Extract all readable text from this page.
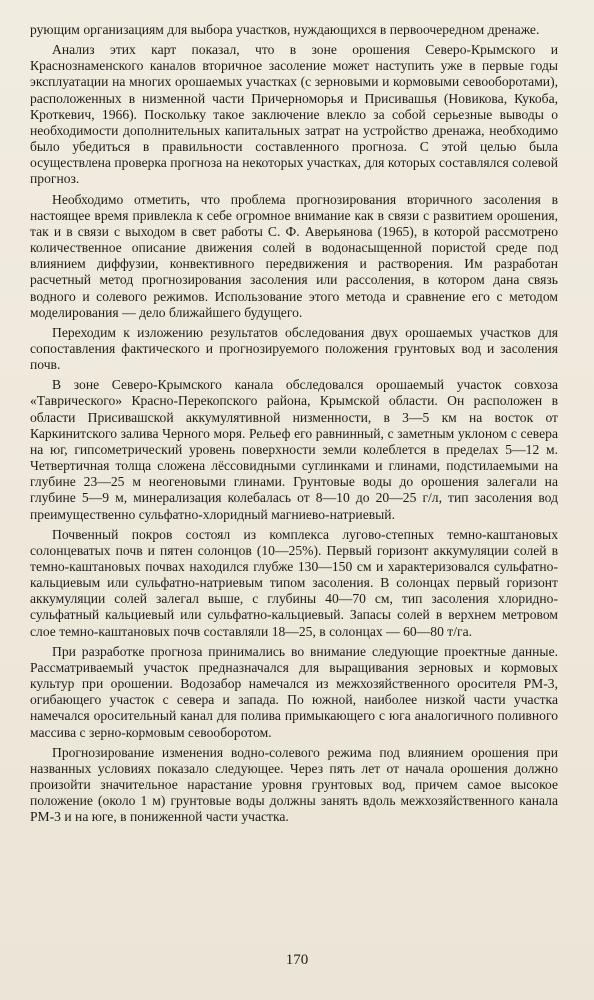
рующим организациям для выбора участков, нуждающихся в первоочередном дренаже.

Анализ этих карт показал, что в зоне орошения Северо-Крымского и Краснознаменского каналов вторичное засоление может наступить уже в первые годы эксплуатации на многих орошаемых участках (с зерновыми и кормовыми севооборотами), расположенных в низменной части Причерноморья и Присивашья (Новикова, Кукоба, Кроткевич, 1966). Поскольку такое заключение влекло за собой серьезные выводы о необходимости дополнительных капитальных затрат на устройство дренажа, необходимо было убедиться в правильности составленного прогноза. С этой целью была осуществлена проверка прогноза на некоторых участках, для которых составлялся солевой прогноз.

Необходимо отметить, что проблема прогнозирования вторичного засоления в настоящее время привлекла к себе огромное внимание как в связи с развитием орошения, так и в связи с выходом в свет работы С. Ф. Аверьянова (1965), в которой рассмотрено количественное описание движения солей в водонасыщенной пористой среде под влиянием диффузии, конвективного передвижения и растворения. Им разработан расчетный метод прогнозирования засоления или рассоления, в котором дана связь водного и солевого режимов. Использование этого метода и сравнение его с методом моделирования — дело ближайшего будущего.

Переходим к изложению результатов обследования двух орошаемых участков для сопоставления фактического и прогнозируемого положения грунтовых вод и засоления почв.

В зоне Северо-Крымского канала обследовался орошаемый участок совхоза «Таврического» Красно-Перекопского района, Крымской области. Он расположен в области Присивашской аккумулятивной низменности, в 3—5 км на восток от Каркинитского залива Черного моря. Рельеф его равнинный, с заметным уклоном с севера на юг, гипсометрический уровень поверхности земли колеблется в пределах 5—12 м. Четвертичная толща сложена лёссовидными суглинками и глинами, подстилаемыми на глубине 23—25 м неогеновыми глинами. Грунтовые воды до орошения залегали на глубине 5—9 м, минерализация колебалась от 8—10 до 20—25 г/л, тип засоления вод преимущественно сульфатно-хлоридный магниево-натриевый.

Почвенный покров состоял из комплекса лугово-степных темно-каштановых солонцеватых почв и пятен солонцов (10—25%). Первый горизонт аккумуляции солей в темно-каштановых почвах находился глубже 130—150 см и характеризовался сульфатно-кальциевым или сульфатно-натриевым типом засоления. В солонцах первый горизонт аккумуляции солей залегал выше, с глубины 40—70 см, тип засоления хлоридно-сульфатный кальциевый или сульфатно-кальциевый. Запасы солей в верхнем метровом слое темно-каштановых почв составляли 18—25, в солонцах — 60—80 т/га.

При разработке прогноза принимались во внимание следующие проектные данные. Рассматриваемый участок предназначался для выращивания зерновых и кормовых культур при орошении. Водозабор намечался из межхозяйственного оросителя РМ-3, огибающего участок с севера и запада. По южной, наиболее низкой части участка намечался оросительный канал для полива примыкающего с юга аналогичного поливного массива с зерно-кормовым севооборотом.

Прогнозирование изменения водно-солевого режима под влиянием орошения при названных условиях показало следующее. Через пять лет от начала орошения должно произойти значительное нарастание уровня грунтовых вод, причем самое высокое положение (около 1 м) грунтовые воды должны занять вдоль межхозяйственного канала РМ-3 и на юге, в пониженной части участка.

170
